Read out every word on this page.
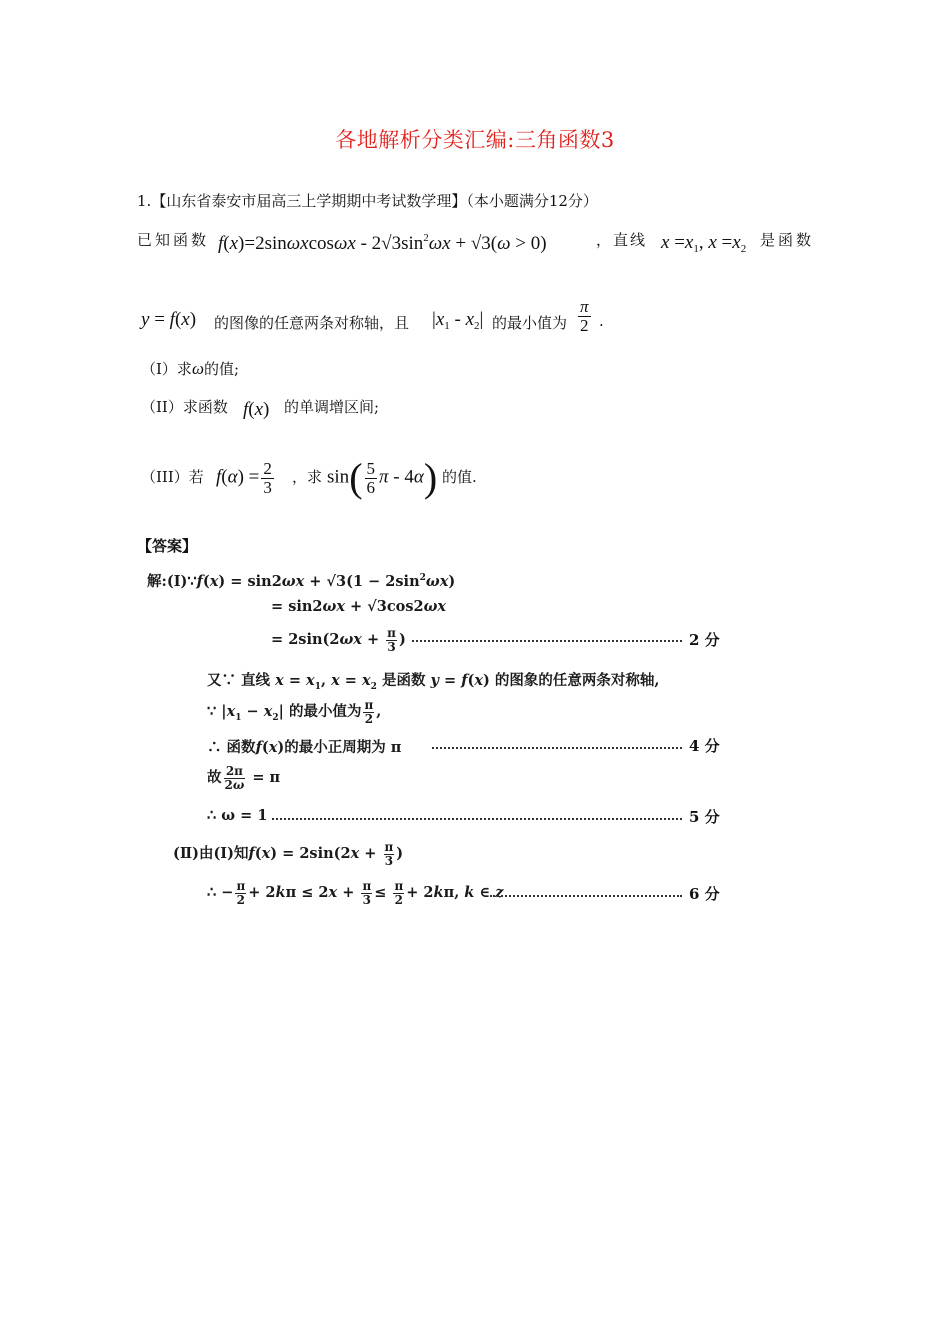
各地解析分类汇编:三角函数3
1.【山东省泰安市届高三上学期期中考试数学理】（本小题满分12分）
已知函数 $f(x)=2\sin\omega xcos\omega x - 2√3\sin^2\omega x + √3(\omega > 0)$	，直线 $x =x_1$, $x =x_2$ 是函数
y = f(x) 的图像的任意两条对称轴，且 $|x_1 - x_2|$ 的最小值为 $\frac{\pi}{2}$ .
（I）求ω的值;
（II）求函数 f(x) 的单调增区间;
（III）若 $f(\alpha) = \frac{2}{3}$ ，求 $\sin( \frac{5}{6}$ π - 4α) 的值.
【答案】
解:(Ⅰ)∵f(x) = $\sin 2\omega x + √3(1 - 2\sin^2\omega x)$
= sin2ωx + √3cos2ωx
= $2\sin(2\omega x + \frac{\pi}{3}$ )	2 分
又∵ 直线 $x = x_1$, $x = x_2$ 是函数 y = f(x) 的图象的任意两条对称轴,
∵ $|x_1 - x_2|$ 的最小值为 $\frac{\pi}{2}$ ,
∴ 函数f(x)的最小正周期为 π	4 分
故 $\frac{2\pi}{2\omega} = \pi$
∴ ω = 1	5 分
(Ⅱ)由(Ⅰ)知$f(x) = 2\sin(2x + \frac{\pi}{3}$ )
∴ − $\frac{\pi}{2} + 2k\pi \le 2x + \frac{\pi}{3} \le \frac{\pi}{2} + 2k\pi$, k ∈ z	6 分
